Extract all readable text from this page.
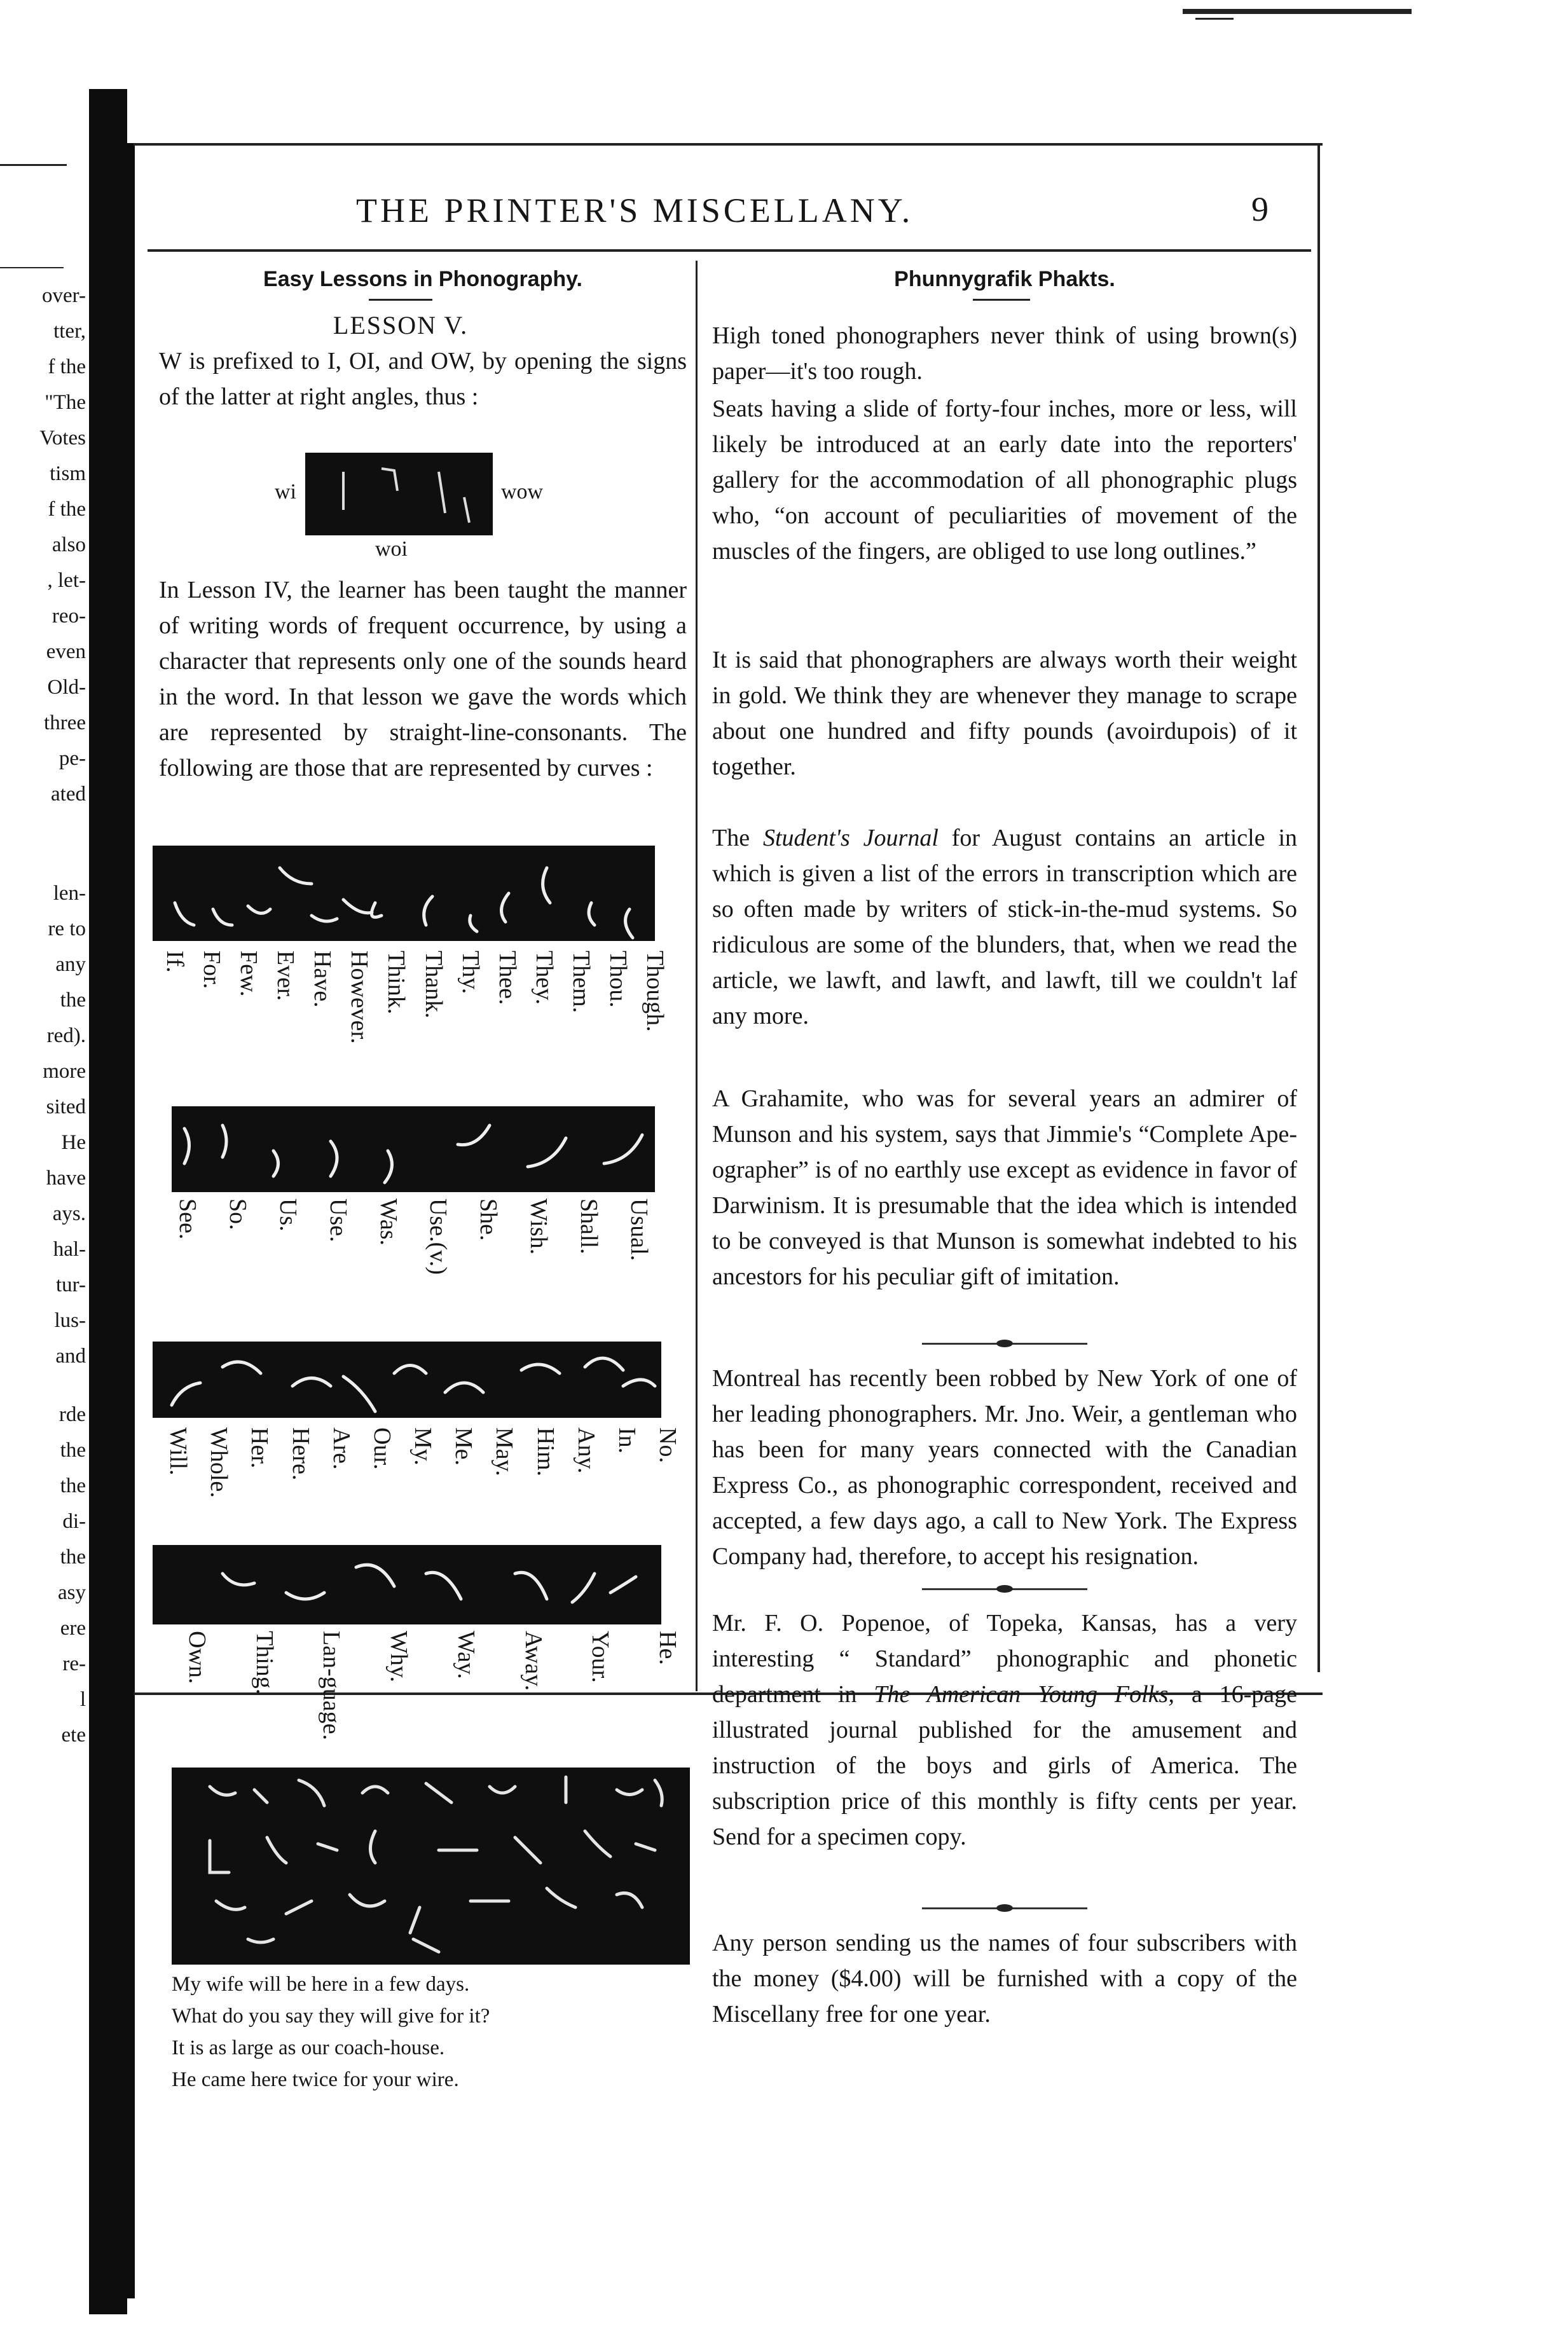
over-
tter,
f the
"The
Votes
tism
f the
also
, let-
reo-
even
Old-
three
pe-
ated
len-
re to
any
the
red).
more
sited
He
have
ays.
hal-
tur-
lus-
and
rde
the
the
di-
the
asy
ere
re-
l
ete
THE PRINTER'S MISCELLANY.	9
Easy Lessons in Phonography.
LESSON V.

W is prefixed to I, OI, and OW, by opening the signs of the latter at right angles, thus :

wi	wow
woi

In Lesson IV, the learner has been taught the manner of writing words of frequent occurrence, by using a character that represents only one of the sounds heard in the word. In that lesson we gave the words which are represented by straight-line-consonants. The following are those that are represented by curves :

If. For. Few. Ever. Have. However. Think. Thank. Thy. Thee. They. Them. Thou. Though.
See. So. Us. Use. Was. Use.(v.) She. Wish. Shall. Usual.
Will. Whole. Her. Here. Are. Our. My. Me. May. Him. Any. In. No.
Own. Thing. Lan-guage. Why. Way. Away. Your. He.
My wife will be here in a few days.
What do you say they will give for it?
It is as large as our coach-house.
He came here twice for your wire.
Phunnygrafik Phakts.

High toned phonographers never think of using brown(s) paper—it's too rough.

Seats having a slide of forty-four inches, more or less, will likely be introduced at an early date into the reporters' gallery for the accommodation of all phonographic plugs who, “on account of peculiarities of movement of the muscles of the fingers, are obliged to use long outlines.”

It is said that phonographers are always worth their weight in gold. We think they are whenever they manage to scrape about one hundred and fifty pounds (avoirdupois) of it together.

The Student's Journal for August contains an article in which is given a list of the errors in transcription which are so often made by writers of stick-in-the-mud systems. So ridiculous are some of the blunders, that, when we read the article, we lawft, and lawft, and lawft, till we couldn't laf any more.

A Grahamite, who was for several years an admirer of Munson and his system, says that Jimmie's “Complete Ape-ographer” is of no earthly use except as evidence in favor of Darwinism. It is presumable that the idea which is intended to be conveyed is that Munson is somewhat indebted to his ancestors for his peculiar gift of imitation.

Montreal has recently been robbed by New York of one of her leading phonographers. Mr. Jno. Weir, a gentleman who has been for many years connected with the Canadian Express Co., as phonographic correspondent, received and accepted, a few days ago, a call to New York. The Express Company had, therefore, to accept his resignation.

Mr. F. O. Popenoe, of Topeka, Kansas, has a very interesting “ Standard” phonographic and phonetic department in The American Young Folks, a 16-page illustrated journal published for the amusement and instruction of the boys and girls of America. The subscription price of this monthly is fifty cents per year. Send for a specimen copy.

Any person sending us the names of four subscribers with the money ($4.00) will be furnished with a copy of the Miscellany free for one year.
